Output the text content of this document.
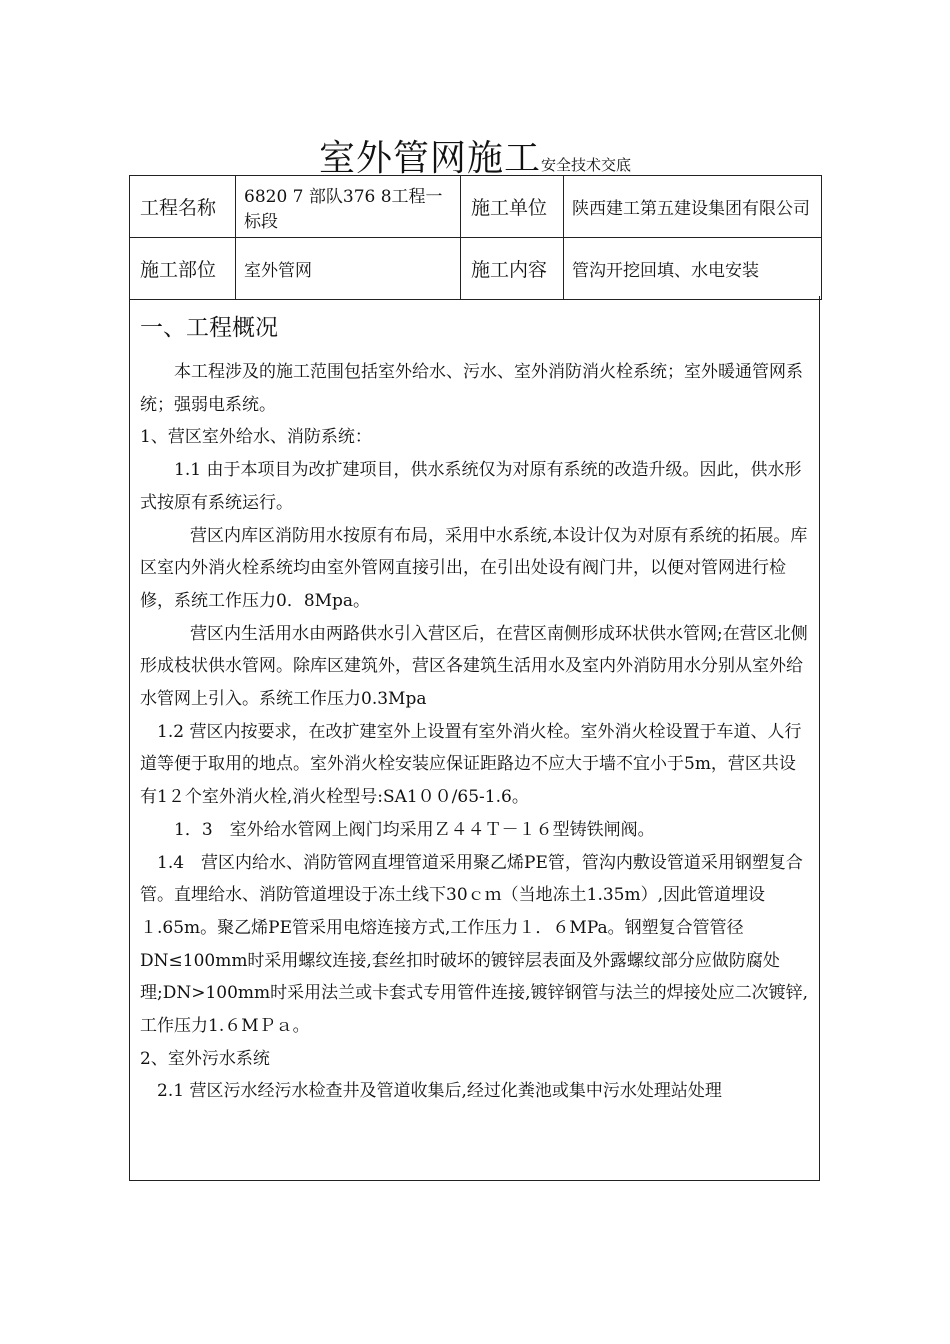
室外管网施工安全技术交底
工程名称	6820 7 部队376 8工程一标段	施工单位	陕西建工第五建设集团有限公司
施工部位	室外管网	施工内容	管沟开挖回填、水电安装

一、工程概况

本工程涉及的施工范围包括室外给水、污水、室外消防消火栓系统；室外暖通管网系统；强弱电系统。

1、营区室外给水、消防系统：

1.1 由于本项目为改扩建项目，供水系统仅为对原有系统的改造升级。因此，供水形式按原有系统运行。

营区内库区消防用水按原有布局，采用中水系统,本设计仅为对原有系统的拓展。库区室内外消火栓系统均由室外管网直接引出，在引出处设有阀门井，以便对管网进行检修，系统工作压力0．8Mpa。

营区内生活用水由两路供水引入营区后，在营区南侧形成环状供水管网;在营区北侧形成枝状供水管网。除库区建筑外，营区各建筑生活用水及室内外消防用水分别从室外给水管网上引入。系统工作压力0.3Mpa

1.2 营区内按要求，在改扩建室外上设置有室外消火栓。室外消火栓设置于车道、人行道等便于取用的地点。室外消火栓安装应保证距路边不应大于墙不宜小于5m，营区共设有1２个室外消火栓,消火栓型号:SA1００/65-1.6。

1．3　室外给水管网上阀门均采用Ｚ４４Ｔ－１６型铸铁闸阀。

1.4　营区内给水、消防管网直埋管道采用聚乙烯PE管，管沟内敷设管道采用钢塑复合管。直埋给水、消防管道埋设于冻土线下30ｃｍ（当地冻土1.35m）,因此管道埋设１.65m。聚乙烯PE管采用电熔连接方式,工作压力１．６MPa。钢塑复合管管径DN≤100mm时采用螺纹连接,套丝扣时破坏的镀锌层表面及外露螺纹部分应做防腐处理;DN>100mm时采用法兰或卡套式专用管件连接,镀锌钢管与法兰的焊接处应二次镀锌,工作压力1.６MＰａ。

2、室外污水系统

2.1 营区污水经污水检查井及管道收集后,经过化粪池或集中污水处理站处理
